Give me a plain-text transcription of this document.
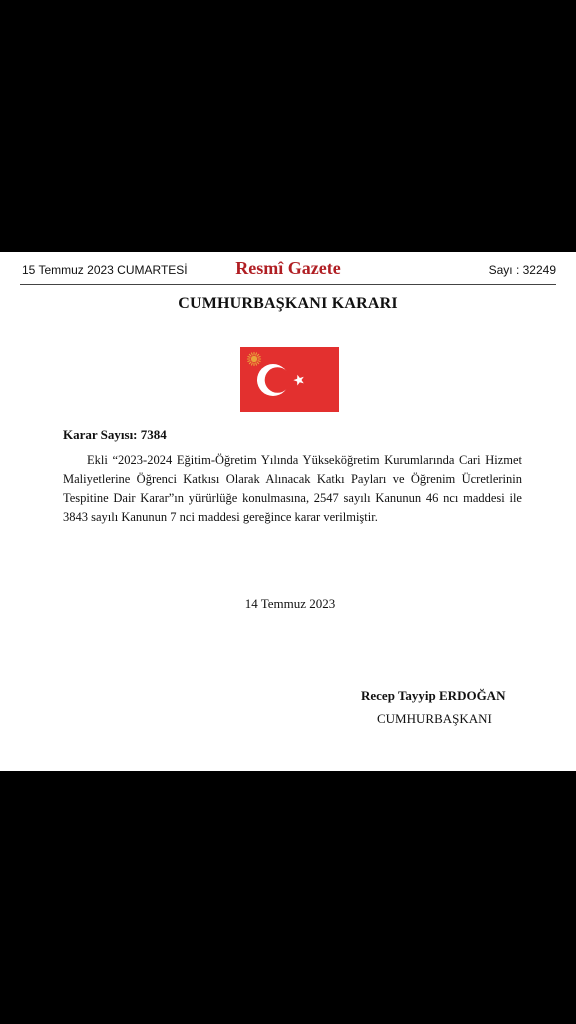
15 Temmuz 2023 CUMARTESİ	Resmî Gazete	Sayı : 32249
CUMHURBAŞKANI KARARI
Karar Sayısı: 7384

Ekli “2023-2024 Eğitim-Öğretim Yılında Yükseköğretim Kurumlarında Cari Hizmet Maliyetlerine Öğrenci Katkısı Olarak Alınacak Katkı Payları ve Öğrenim Ücretlerinin Tespitine Dair Karar”ın yürürlüğe konulmasına, 2547 sayılı Kanunun 46 ncı maddesi ile 3843 sayılı Kanunun 7 nci maddesi gereğince karar verilmiştir.

14 Temmuz 2023
Recep Tayyip ERDOĞAN
CUMHURBAŞKANI
